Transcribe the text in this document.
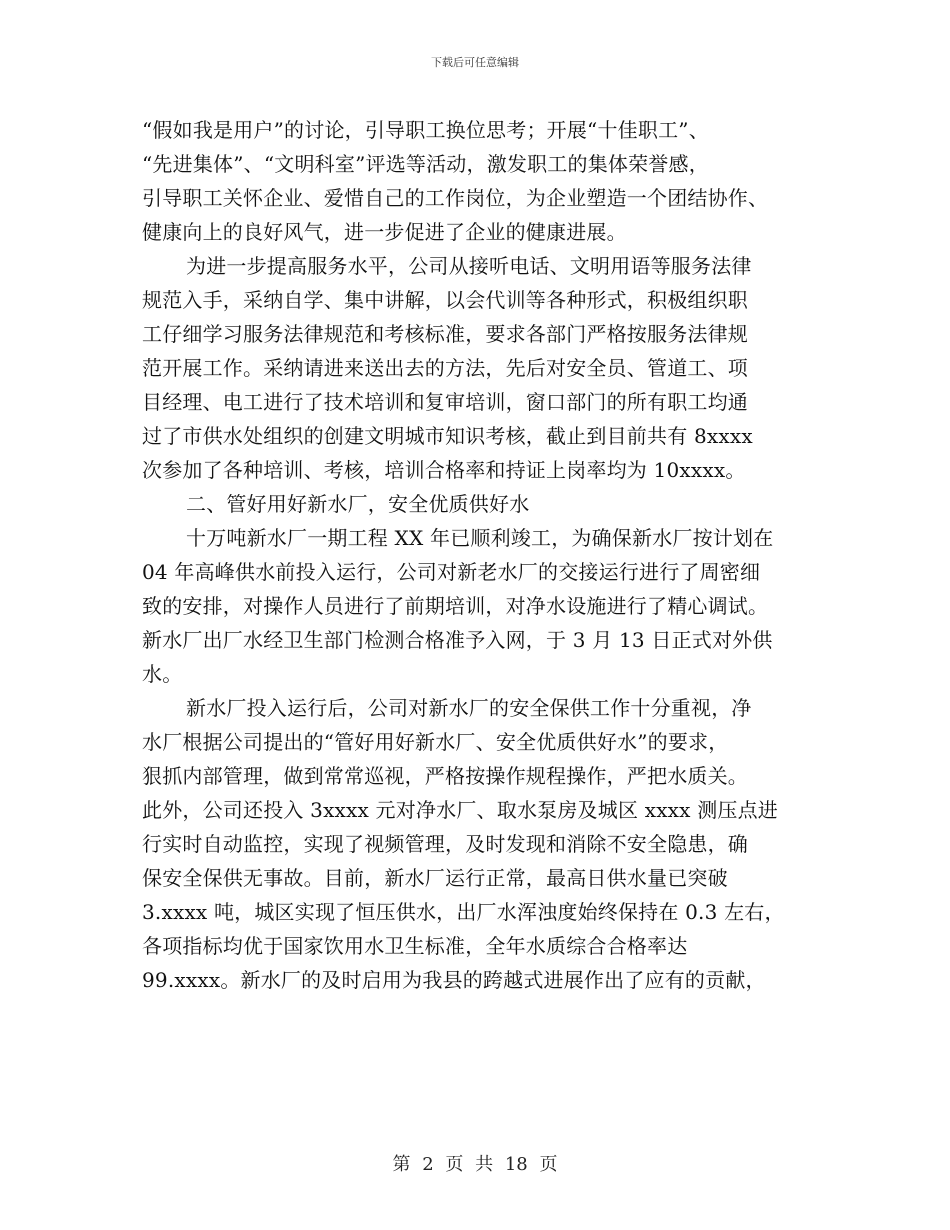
下载后可任意编辑
“假如我是用户”的讨论，引导职工换位思考；开展“十佳职工”、
“先进集体”、“文明科室”评选等活动，激发职工的集体荣誉感，
引导职工关怀企业、爱惜自己的工作岗位，为企业塑造一个团结协作、
健康向上的良好风气，进一步促进了企业的健康进展。
为进一步提高服务水平，公司从接听电话、文明用语等服务法律
规范入手，采纳自学、集中讲解，以会代训等各种形式，积极组织职
工仔细学习服务法律规范和考核标准，要求各部门严格按服务法律规
范开展工作。采纳请进来送出去的方法，先后对安全员、管道工、项
目经理、电工进行了技术培训和复审培训，窗口部门的所有职工均通
过了市供水处组织的创建文明城市知识考核，截止到目前共有 8xxxx
次参加了各种培训、考核，培训合格率和持证上岗率均为 10xxxx。
二、管好用好新水厂，安全优质供好水
十万吨新水厂一期工程 XX 年已顺利竣工，为确保新水厂按计划在
04 年高峰供水前投入运行，公司对新老水厂的交接运行进行了周密细
致的安排，对操作人员进行了前期培训，对净水设施进行了精心调试。
新水厂出厂水经卫生部门检测合格准予入网，于 3 月 13 日正式对外供
水。
新水厂投入运行后，公司对新水厂的安全保供工作十分重视，净
水厂根据公司提出的“管好用好新水厂、安全优质供好水”的要求，
狠抓内部管理，做到常常巡视，严格按操作规程操作，严把水质关。
此外，公司还投入 3xxxx 元对净水厂、取水泵房及城区 xxxx 测压点进
行实时自动监控，实现了视频管理，及时发现和消除不安全隐患，确
保安全保供无事故。目前，新水厂运行正常，最高日供水量已突破
3.xxxx 吨，城区实现了恒压供水，出厂水浑浊度始终保持在 0.3 左右，
各项指标均优于国家饮用水卫生标准，全年水质综合合格率达
99.xxxx。新水厂的及时启用为我县的跨越式进展作出了应有的贡献，
第 2 页 共 18 页
